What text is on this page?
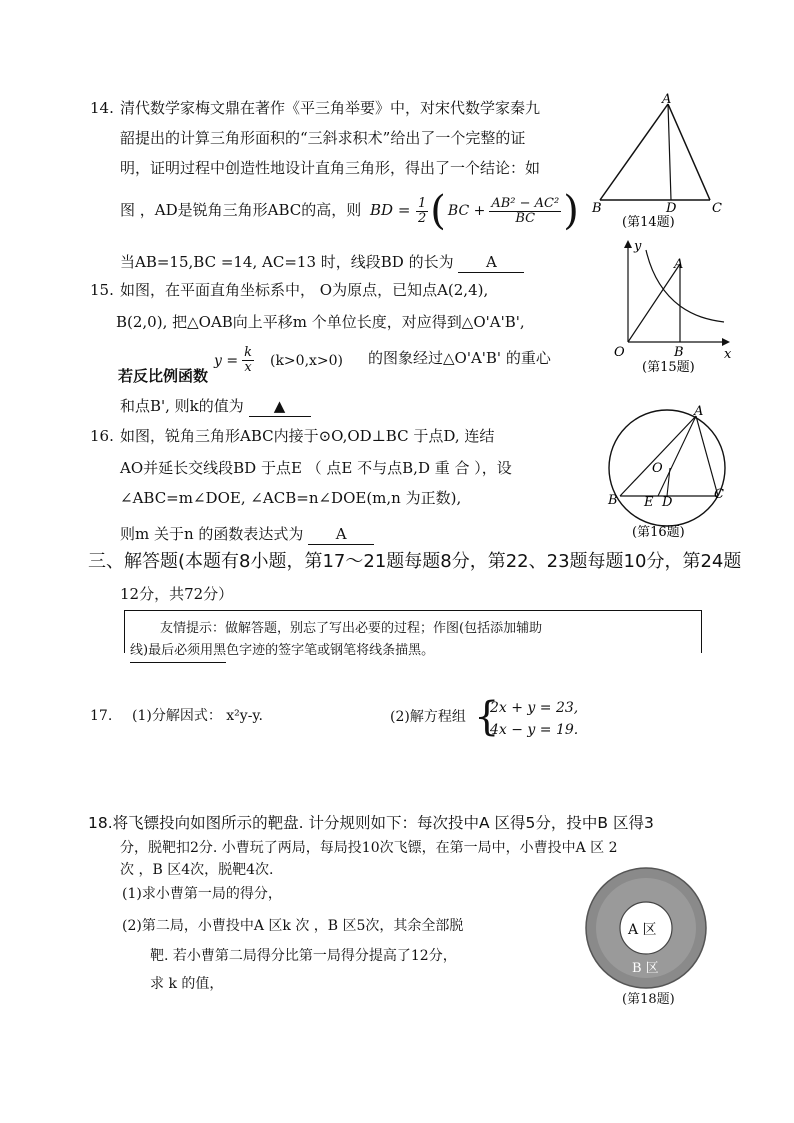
14. 清代数学家梅文鼎在著作《平三角举要》中，对宋代数学家秦九
韶提出的计算三角形面积的“三斜求积术”给出了一个完整的证
明，证明过程中创造性地设计直角三角形，得出了一个结论：如
图 ，AD是锐角三角形ABC的高，则 BD = $\frac{1}{2}$ ( BC + $\frac{\text{AB² − AC²}}{BC}$ )
当AB=15,BC =14, AC=13 时，线段BD 的长为 A
A
B	C
D
(第14题)
15. 如图，在平面直角坐标系中， O为原点，已知点A(2,4),
B(2,0), 把△OAB向上平移m 个单位长度，对应得到△O'A'B',
$y = \frac{k}{x} (k>0,x>0)$ 的图象经过△O'A'B' 的重心
若反比例函数
和点B', 则k的值为 ▲
y
x
A
O	B
(第15题)
16. 如图，锐角三角形ABC内接于⊙O,OD⊥BC 于点D, 连结
AO并延长交线段BD 于点E （ 点E 不与点B,D 重 合 ），设
∠ABC=m∠DOE, ∠ACB=n∠DOE(m,n 为正数),
则m 关于n 的函数表达式为 A
A
O
B E D
C
(第16题)
三、解答题(本题有8小题，第17～21题每题8分，第22、23题每题10分，第24题
12分，共72分）
友情提示：做解答题，别忘了写出必要的过程；作图(包括添加辅助
线)最后必须用黑色字迹的签字笔或钢笔将线条描黑。
17. (1)分解因式： x²y-y.	(2)解方程组 {
2x + y = 23,
4x − y = 19.
18.将飞镖投向如图所示的靶盘. 计分规则如下：每次投中A 区得5分，投中B 区得3
分，脱靶扣2分. 小曹玩了两局，每局投10次飞镖，在第一局中，小曹投中A 区 2
次 ，B 区4次，脱靶4次.
(1)求小曹第一局的得分，
(2)第二局，小曹投中A 区k 次 ，B 区5次，其余全部脱
靶. 若小曹第二局得分比第一局得分提高了12分，
求 k 的值，
A 区
B 区
(第18题)
